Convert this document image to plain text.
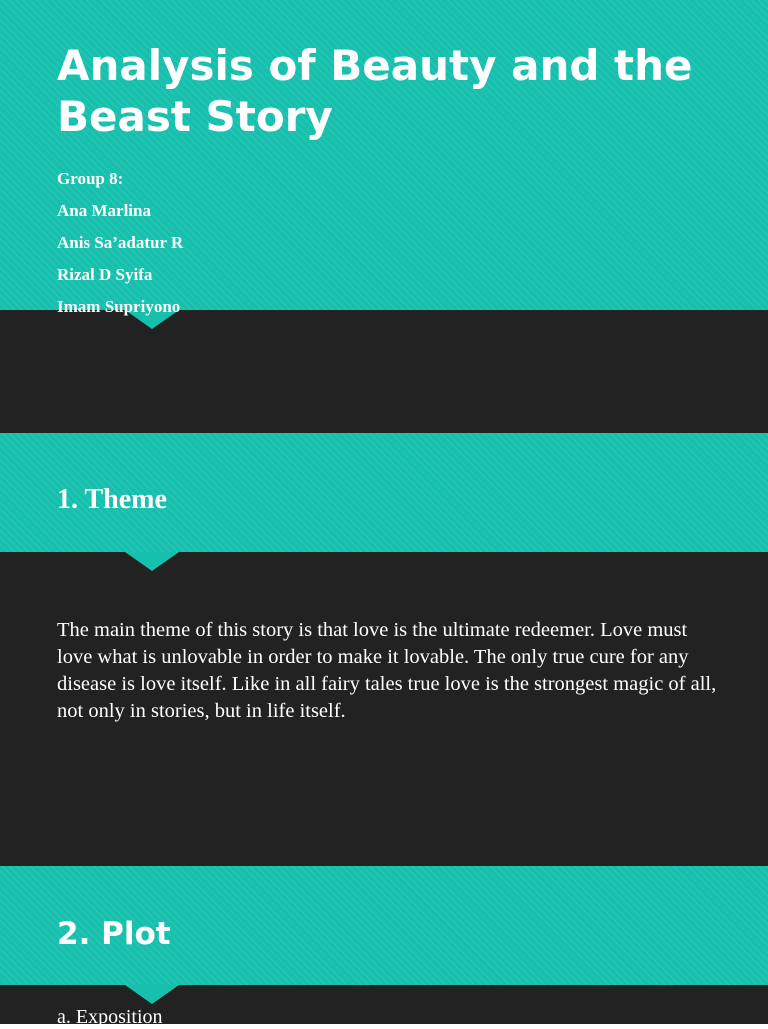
Analysis of Beauty and the Beast Story
Group 8:
Ana Marlina
Anis Sa’adatur R
Rizal D Syifa
Imam Supriyono
1. Theme

The main theme of this story is that love is the ultimate redeemer. Love must love what is unlovable in order to make it lovable. The only true cure for any disease is love itself. Like in all fairy tales true love is the strongest magic of all, not only in stories, but in life itself.

2. Plot

a. Exposition
